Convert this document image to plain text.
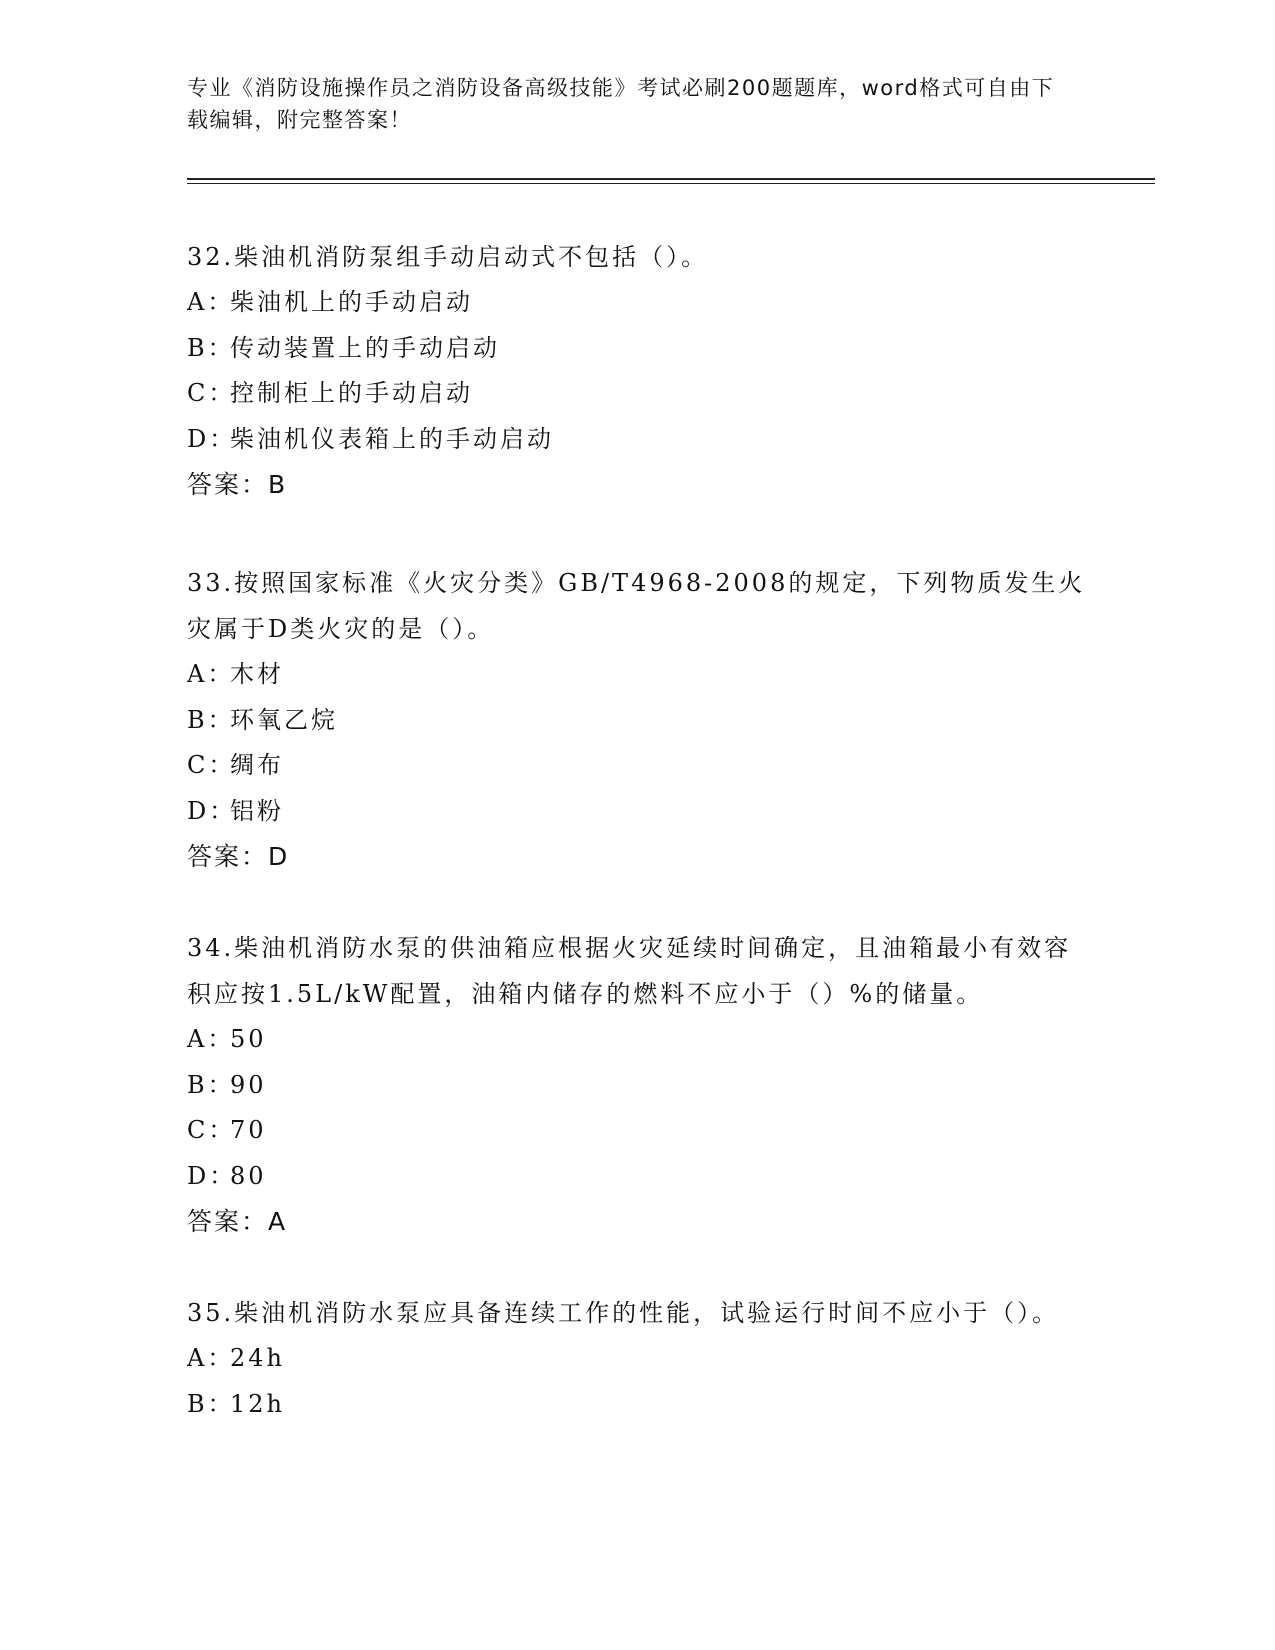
专业《消防设施操作员之消防设备高级技能》考试必刷200题题库，word格式可自由下载编辑，附完整答案！

32.柴油机消防泵组手动启动式不包括（）。

A：
柴油机上的手动启动

B：
传动装置上的手动启动

C：
控制柜上的手动启动

D：
柴油机仪表箱上的手动启动

答案：B

33.按照国家标准《火灾分类》GB/T4968-2008的规定，下列物质发生火灾属于D类火灾的是（）。

A：
木材

B：
环氧乙烷

C：
绸布

D：
铝粉

答案：D

34.柴油机消防水泵的供油箱应根据火灾延续时间确定，且油箱最小有效容积应按1.5L/kW配置，油箱内储存的燃料不应小于（）%的储量。

A：
50

B：
90

C：
70

D：
80

答案：A

35.柴油机消防水泵应具备连续工作的性能，试验运行时间不应小于（）。

A：
24h

B：
12h
